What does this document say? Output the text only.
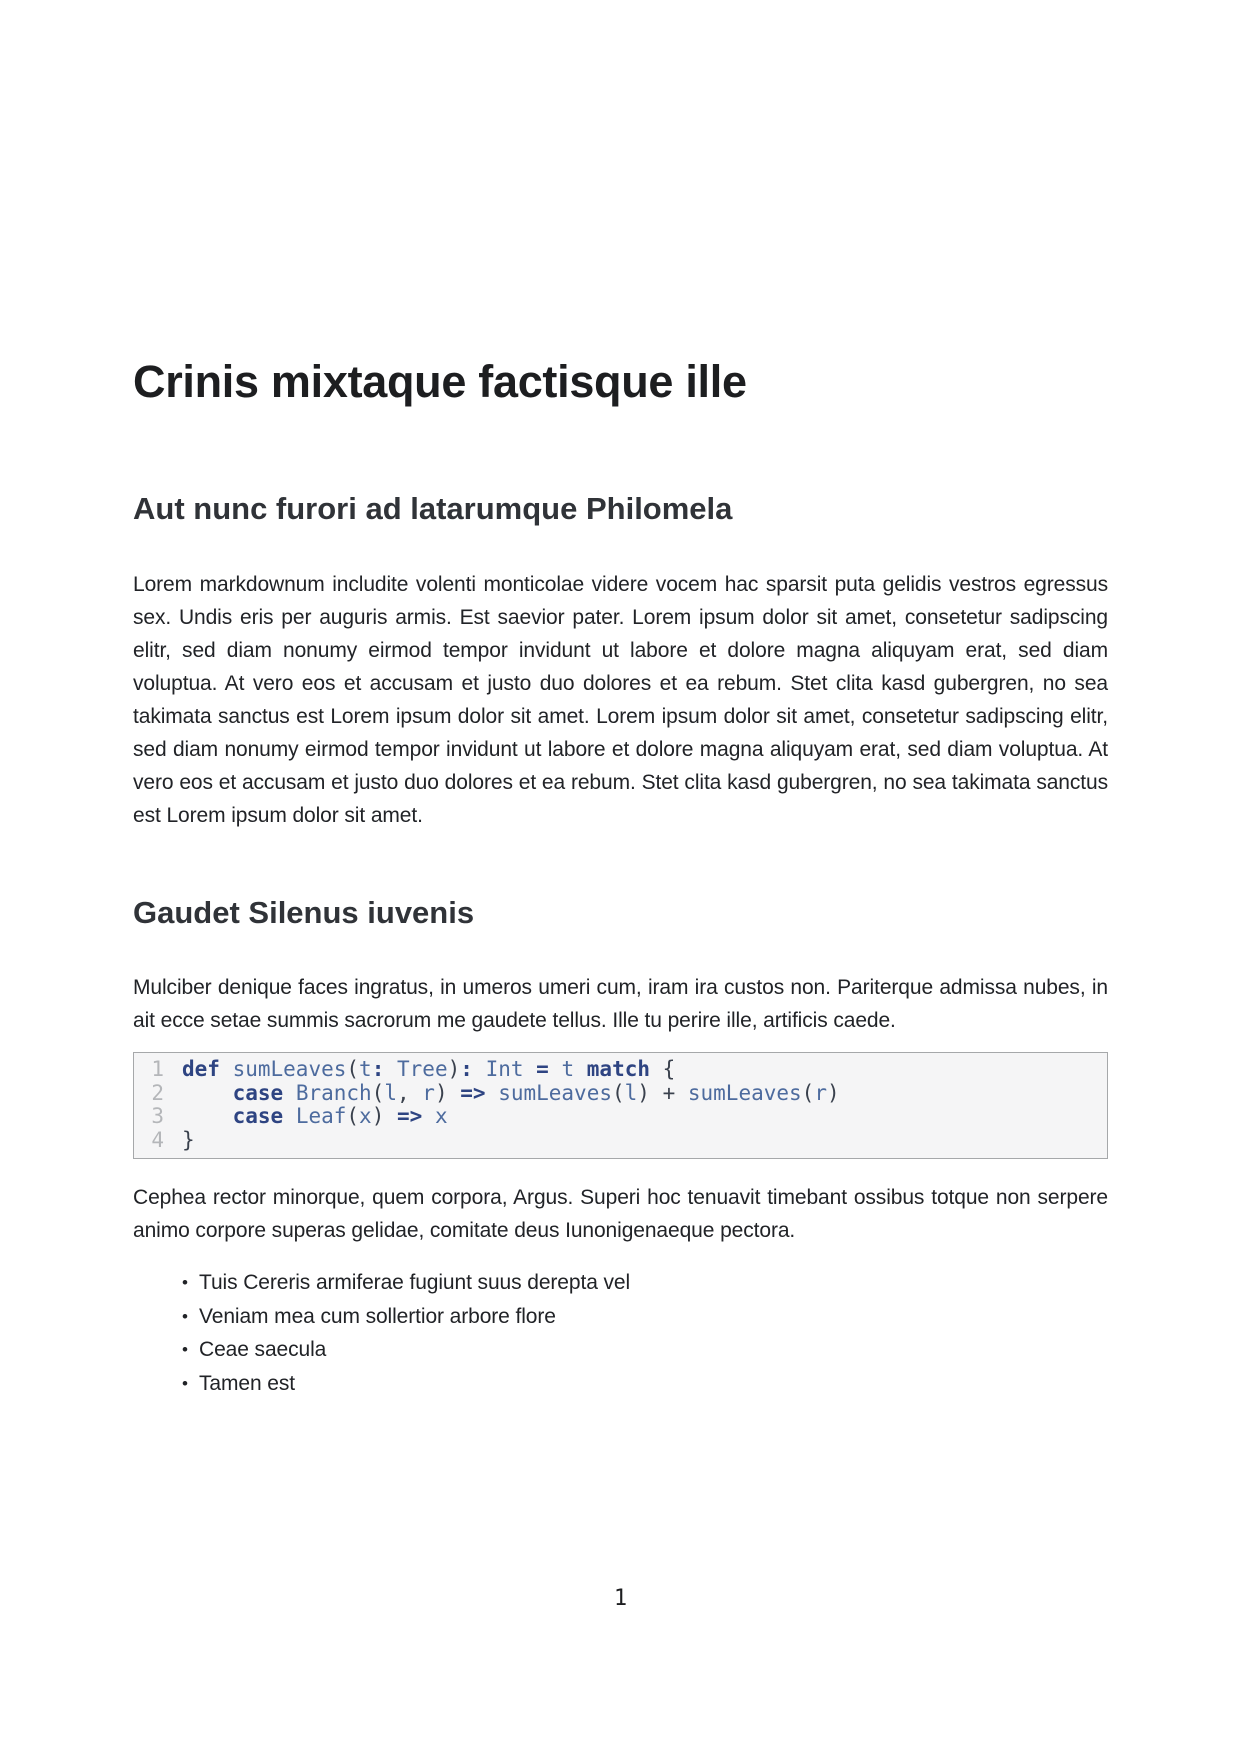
Crinis mixtaque factisque ille
Aut nunc furori ad latarumque Philomela

Lorem markdownum includite volenti monticolae videre vocem hac sparsit puta gelidis vestros egressus sex. Undis eris per auguris armis. Est saevior pater. Lorem ipsum dolor sit amet, consetetur sadipscing elitr, sed diam nonumy eirmod tempor invidunt ut labore et dolore magna aliquyam erat, sed diam voluptua. At vero eos et accusam et justo duo dolores et ea rebum. Stet clita kasd gubergren, no sea takimata sanctus est Lorem ipsum dolor sit amet. Lorem ipsum dolor sit amet, consetetur sadipscing elitr, sed diam nonumy eirmod tempor invidunt ut labore et dolore magna aliquyam erat, sed diam voluptua. At vero eos et accusam et justo duo dolores et ea rebum. Stet clita kasd gubergren, no sea takimata sanctus est Lorem ipsum dolor sit amet.

Gaudet Silenus iuvenis

Mulciber denique faces ingratus, in umeros umeri cum, iram ira custos non. Pariterque admissa nubes, in ait ecce setae summis sacrorum me gaudete tellus. Ille tu perire ille, artificis caede.

1 def sumLeaves(t: Tree): Int = t match {
2	case Branch(l, r) => sumLeaves(l) + sumLeaves(r)
3	case Leaf(x) => x
4 }

Cephea rector minorque, quem corpora, Argus. Superi hoc tenuavit timebant ossibus totque non serpere animo corpore superas gelidae, comitate deus Iunonigenaeque pectora.

• Tuis Cereris armiferae fugiunt suus derepta vel
• Veniam mea cum sollertior arbore flore
• Ceae saecula
• Tamen est
1
